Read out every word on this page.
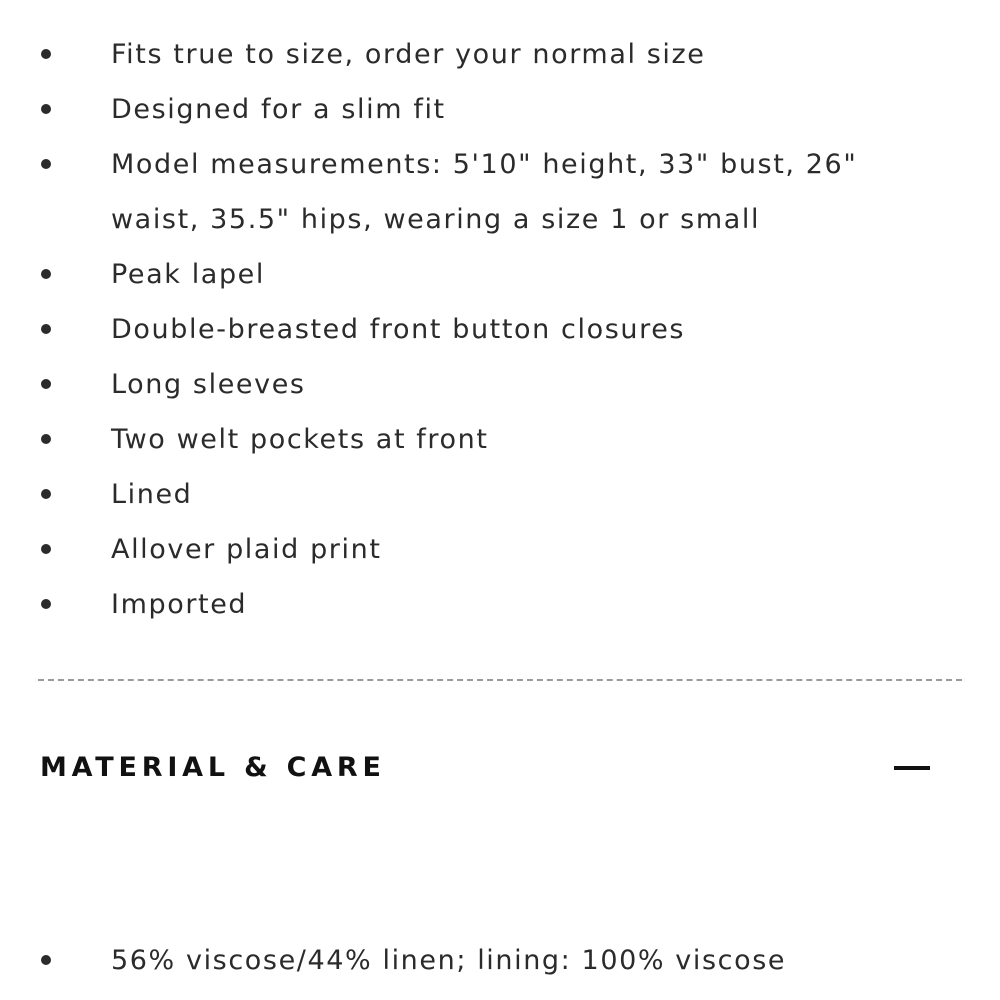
Fits true to size, order your normal size
Designed for a slim fit
Model measurements: 5'10" height, 33" bust, 26" waist, 35.5" hips, wearing a size 1 or small
Peak lapel
Double-breasted front button closures
Long sleeves
Two welt pockets at front
Lined
Allover plaid print
Imported
MATERIAL & CARE
56% viscose/44% linen; lining: 100% viscose
